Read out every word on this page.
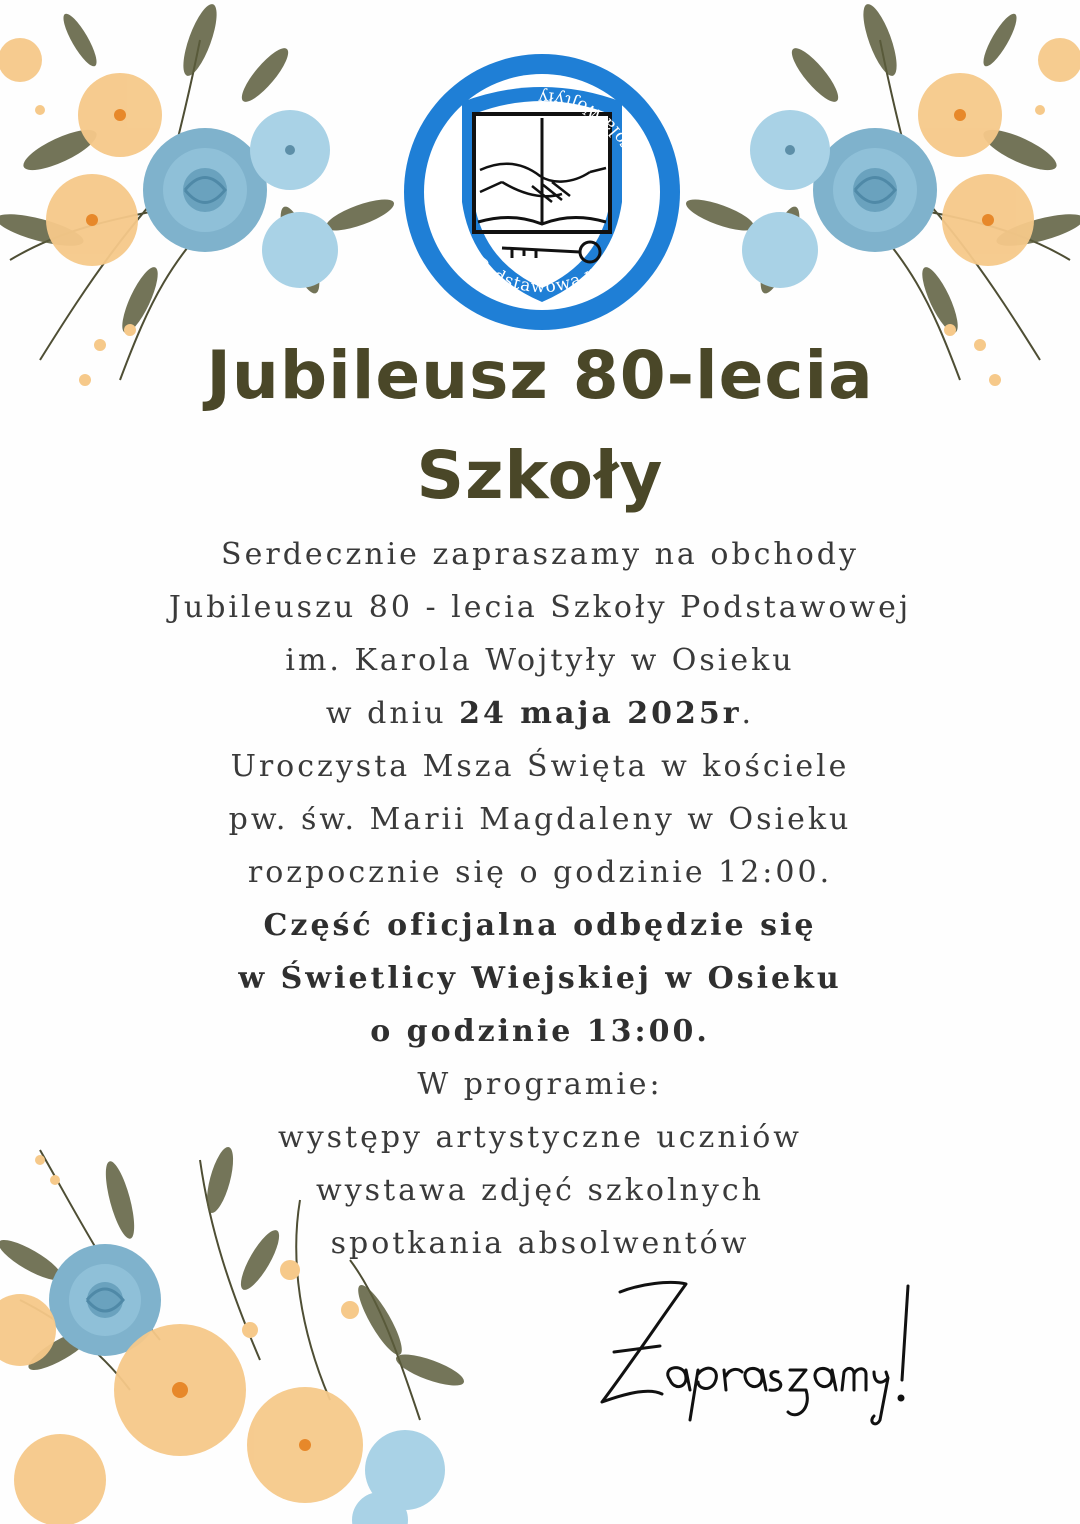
Szkoła Podstawowa w Osieku im. Karola Wojtyły
Jubileusz 80-lecia
Szkoły
Serdecznie zapraszamy na obchody
Jubileuszu 80 - lecia Szkoły Podstawowej
im. Karola Wojtyły w Osieku
w dniu 24 maja 2025r.
Uroczysta Msza Święta w kościele
pw. św. Marii Magdaleny w Osieku
rozpocznie się o godzinie 12:00.
Część oficjalna odbędzie się
w Świetlicy Wiejskiej w Osieku
o godzinie 13:00.
W programie:
występy artystyczne uczniów
wystawa zdjęć szkolnych
spotkania absolwentów
